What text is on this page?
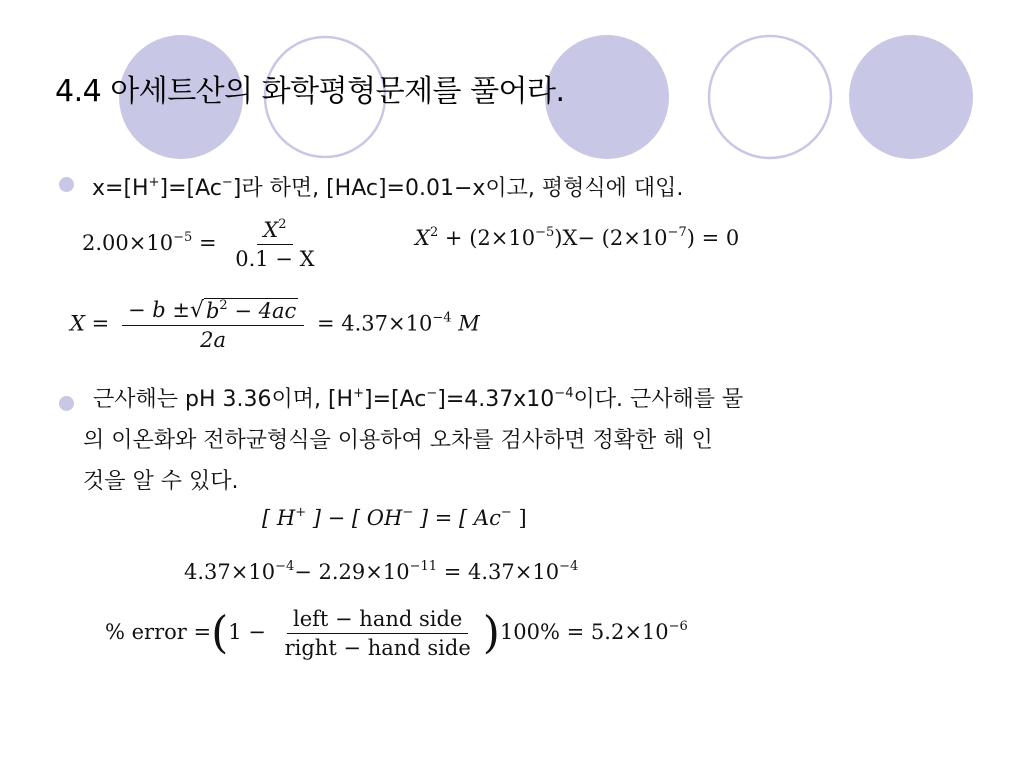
4.4 아세트산의 화학평형문제를 풀어라.
x=[H+]=[Ac−]라 하면, [HAc]=0.01−x이고, 평형식에 대입.
$2.00\times 10^{-5} = \frac{X^2}{0.1 - X}$	$X^2 + (2\times 10^{-5})X- (2\times 10^{-7}) = 0$
$X = \frac{- b \pm √ b^2 - 4ac}{2a} = 4.37\times 10^{-4}$ M
근사해는 pH 3.36이며, $[H^+]=[Ac^-]=4.37x10^{-4}$이다. 근사해를 물
의 이온화와 전하균형식을 이용하여 오차를 검사하면 정확한 해 인
것을 알 수 있다.
[ H+ ] − [ OH− ] = [ Ac− ]
$4.37\times 10^{-4}- 2.29\times 10^{-11} = 4.37\times 10^{-4}$
% error $=(1 - \frac{\text{left − hand side}}{\text{right − hand side}} )100\% = 5.2\times 10^{-6}$
